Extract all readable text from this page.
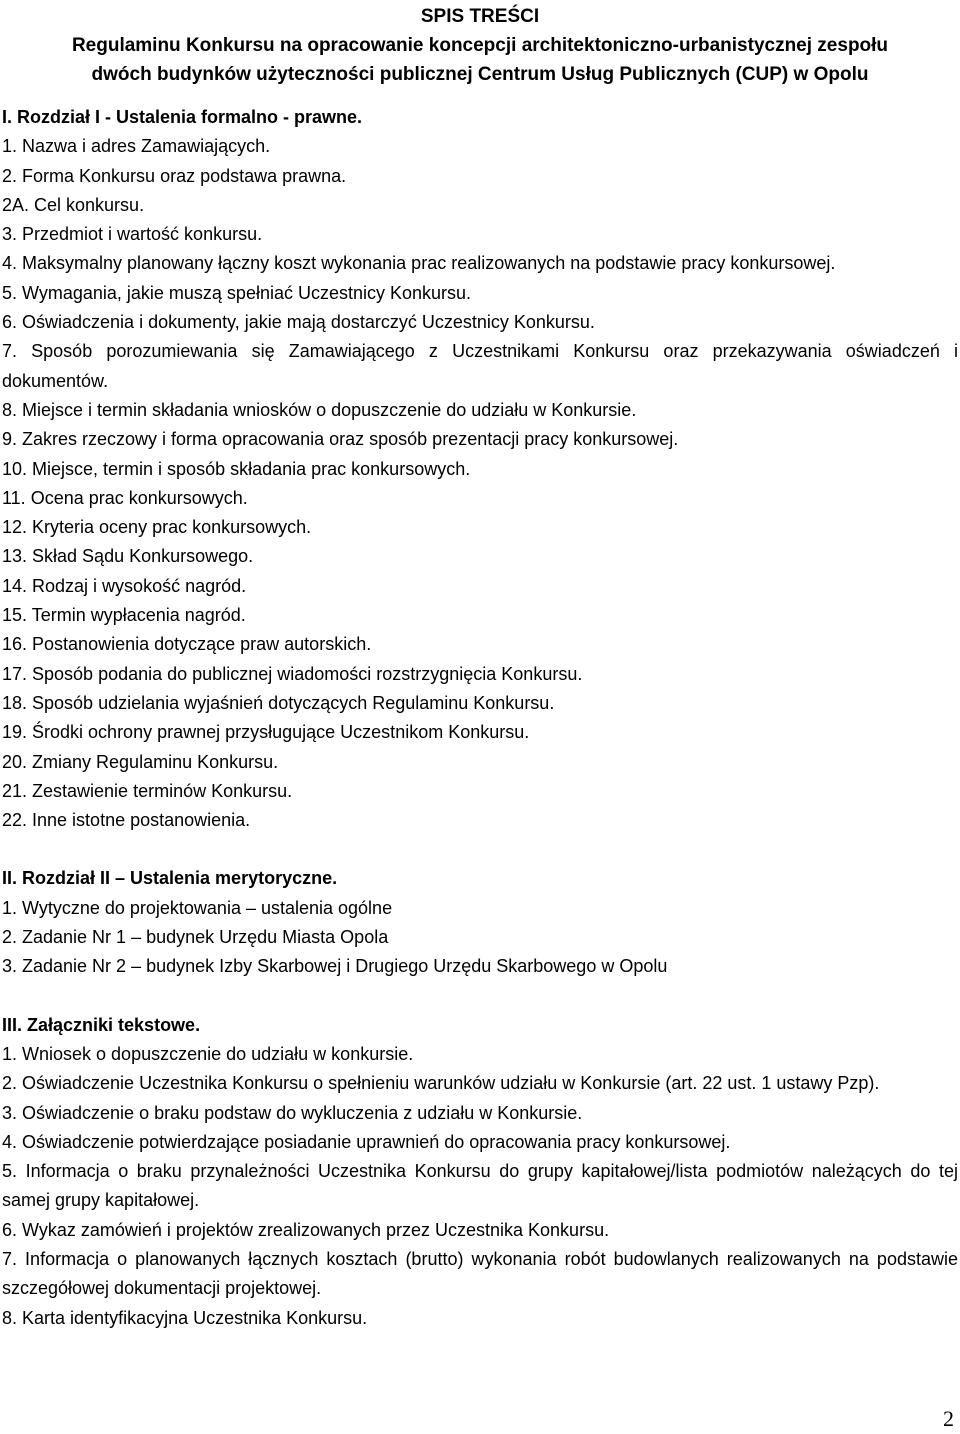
SPIS TREŚCI
Regulaminu Konkursu na opracowanie koncepcji architektoniczno-urbanistycznej zespołu
dwóch budynków użyteczności publicznej Centrum Usług Publicznych (CUP) w Opolu
I. Rozdział I - Ustalenia formalno - prawne.
1. Nazwa i adres Zamawiających.
2. Forma Konkursu oraz podstawa prawna.
2A. Cel konkursu.
3. Przedmiot i wartość konkursu.
4. Maksymalny planowany łączny koszt wykonania prac realizowanych na podstawie pracy konkursowej.
5. Wymagania, jakie muszą spełniać Uczestnicy Konkursu.
6. Oświadczenia i dokumenty, jakie mają dostarczyć Uczestnicy Konkursu.
7. Sposób porozumiewania się Zamawiającego z Uczestnikami Konkursu oraz przekazywania oświadczeń i dokumentów.
8. Miejsce i termin składania wniosków o dopuszczenie do udziału w Konkursie.
9. Zakres rzeczowy i forma opracowania oraz sposób prezentacji pracy konkursowej.
10. Miejsce, termin i sposób składania prac konkursowych.
11. Ocena prac konkursowych.
12. Kryteria oceny prac konkursowych.
13. Skład Sądu Konkursowego.
14. Rodzaj i wysokość nagród.
15. Termin wypłacenia nagród.
16. Postanowienia dotyczące praw autorskich.
17. Sposób podania do publicznej wiadomości rozstrzygnięcia Konkursu.
18. Sposób udzielania wyjaśnień dotyczących Regulaminu Konkursu.
19. Środki ochrony prawnej przysługujące Uczestnikom Konkursu.
20. Zmiany Regulaminu Konkursu.
21. Zestawienie terminów Konkursu.
22. Inne istotne postanowienia.
II. Rozdział II – Ustalenia merytoryczne.
1. Wytyczne do projektowania – ustalenia ogólne
2. Zadanie Nr 1 – budynek Urzędu Miasta Opola
3. Zadanie Nr 2 – budynek Izby Skarbowej i Drugiego Urzędu Skarbowego w Opolu
III. Załączniki tekstowe.
1. Wniosek o dopuszczenie do udziału w konkursie.
2. Oświadczenie Uczestnika Konkursu o spełnieniu warunków udziału w Konkursie (art. 22 ust. 1 ustawy Pzp).
3. Oświadczenie o braku podstaw do wykluczenia z udziału w Konkursie.
4. Oświadczenie potwierdzające posiadanie uprawnień do opracowania pracy konkursowej.
5. Informacja o braku przynależności Uczestnika Konkursu do grupy kapitałowej/lista podmiotów należących do tej samej grupy kapitałowej.
6. Wykaz zamówień i projektów zrealizowanych przez Uczestnika Konkursu.
7. Informacja o planowanych łącznych kosztach (brutto) wykonania robót budowlanych realizowanych na podstawie szczegółowej dokumentacji projektowej.
8. Karta identyfikacyjna Uczestnika Konkursu.
2
